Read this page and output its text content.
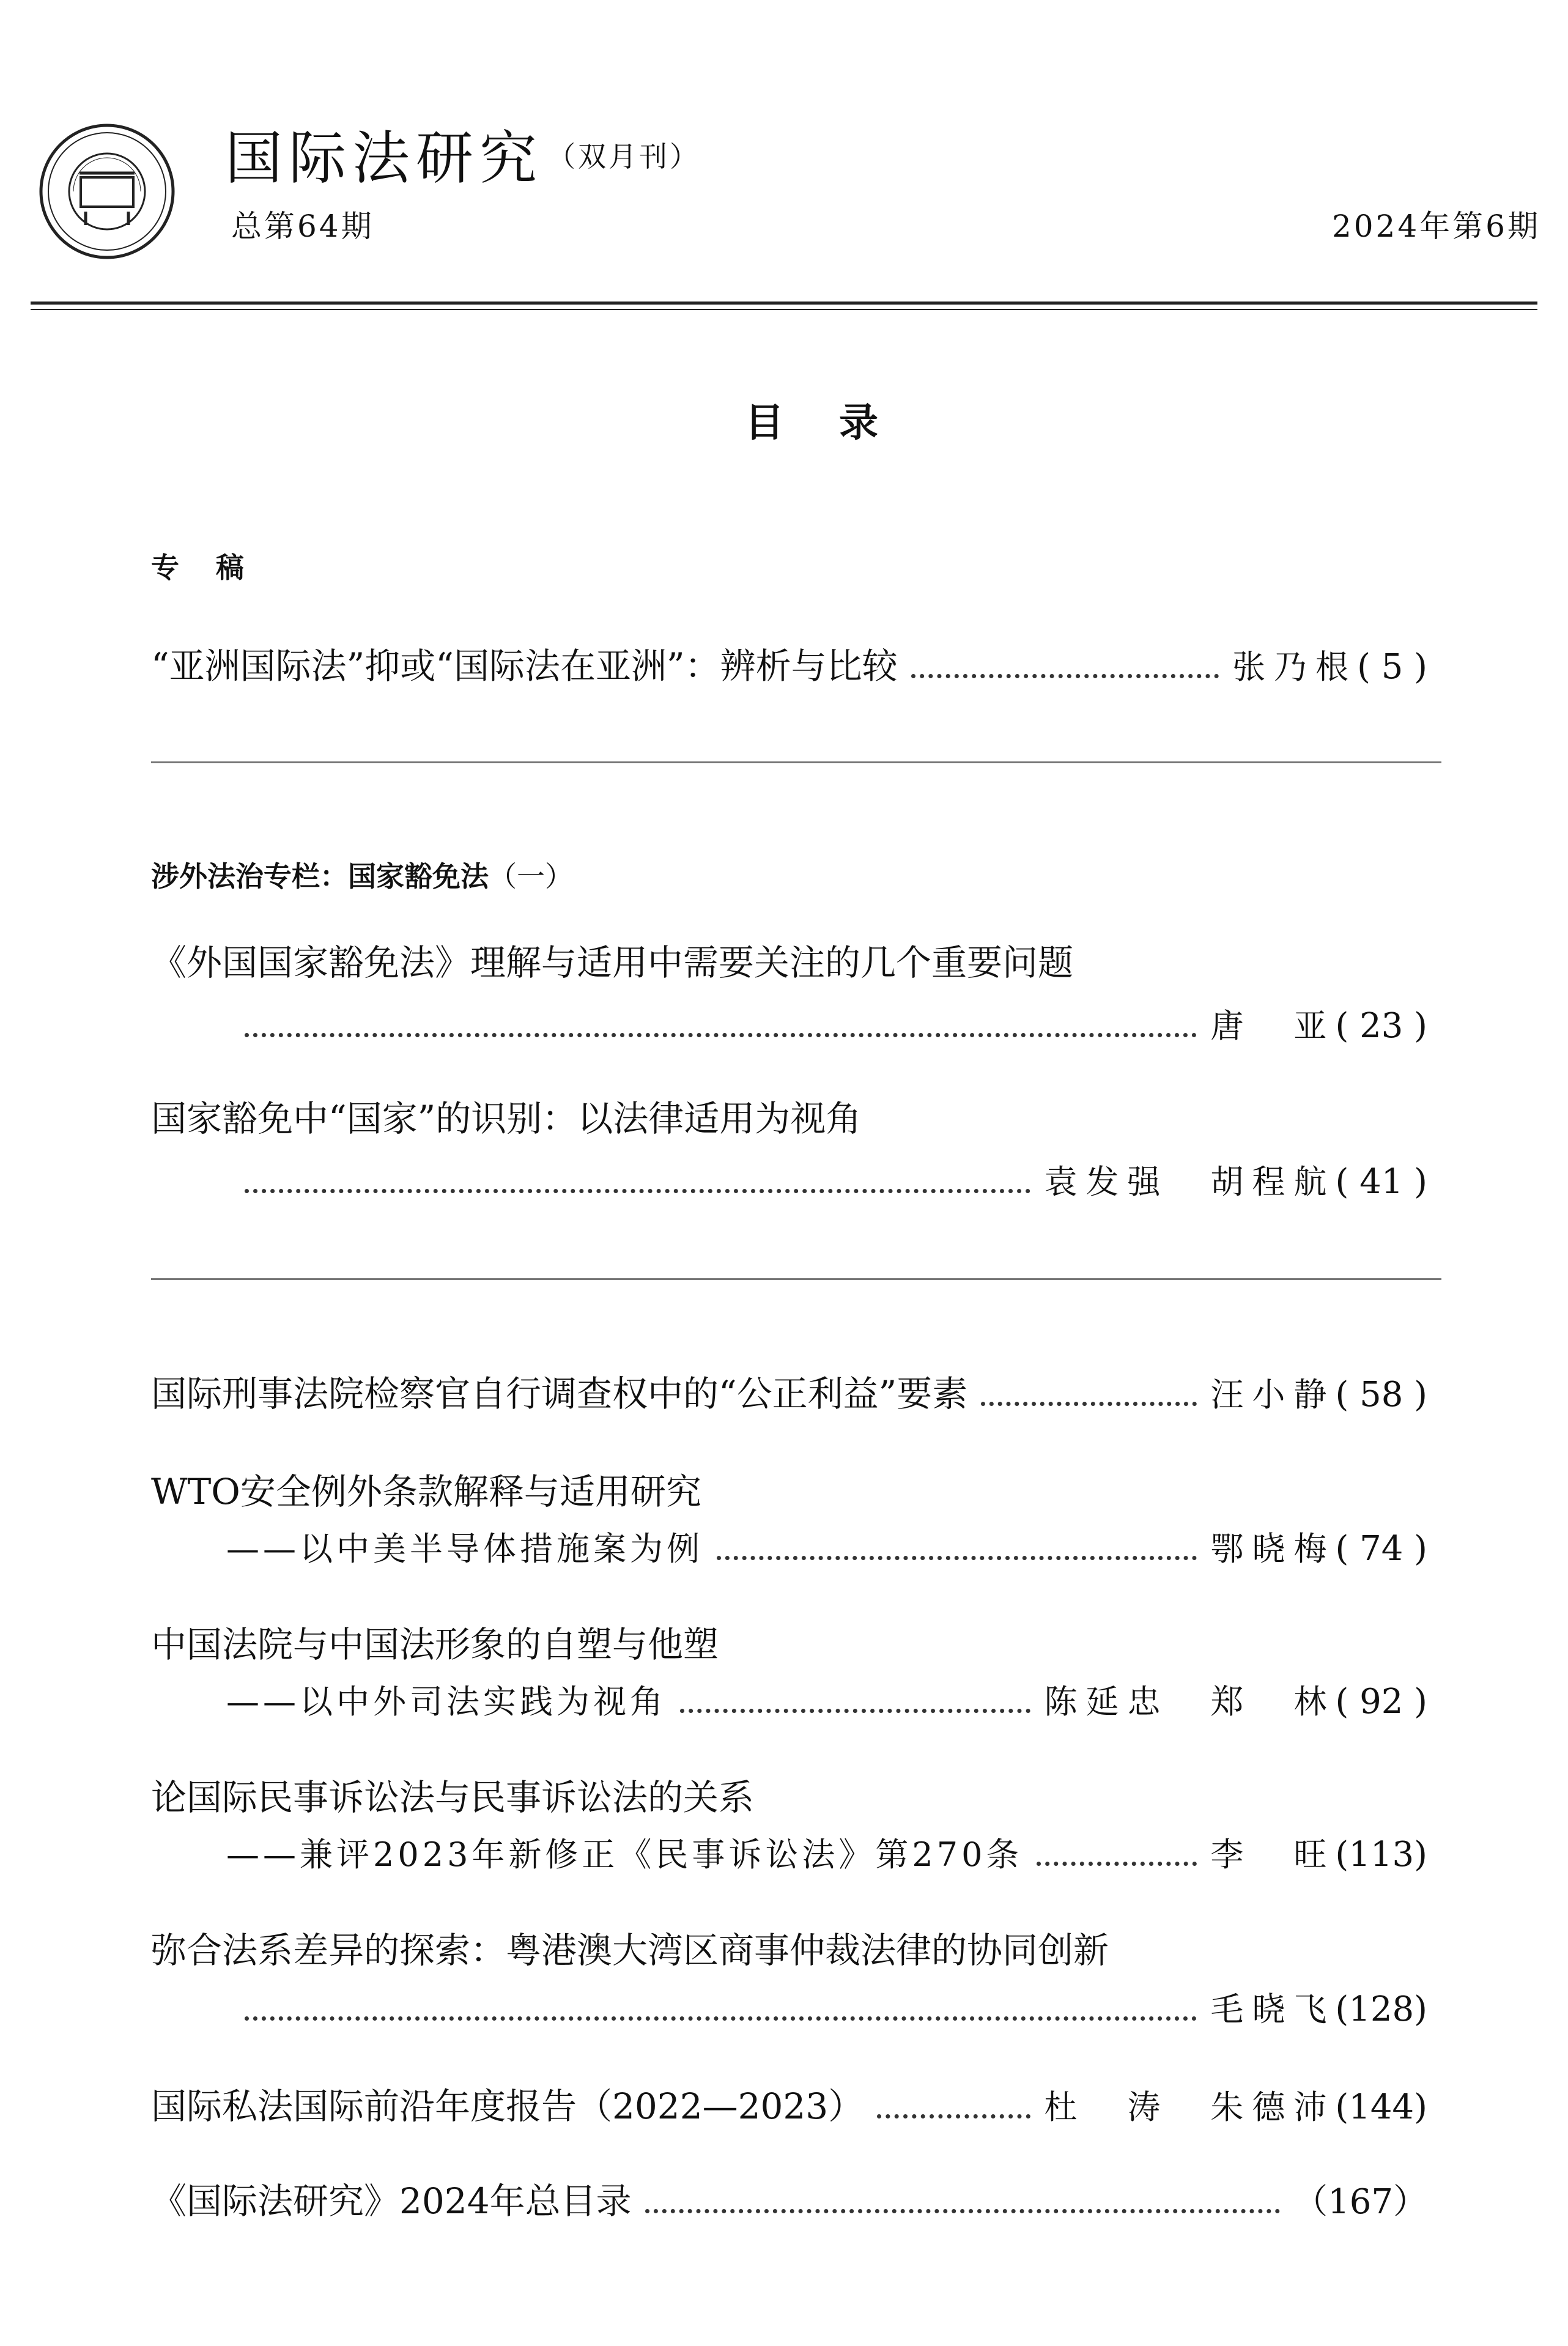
国际法研究 （双月刊）
总第64期	2024年第6期
目录
专稿
“亚洲国际法”抑或“国际法在亚洲”：辨析与比较	张乃根 ( 5 )
涉外法治专栏：国家豁免法（一）
《外国国家豁免法》理解与适用中需要关注的几个重要问题
唐　亚 ( 23 )
国家豁免中“国家”的识别：以法律适用为视角
袁发强　胡程航 ( 41 )
国际刑事法院检察官自行调查权中的“公正利益”要素	汪小静 ( 58 )
WTO安全例外条款解释与适用研究
——以中美半导体措施案为例	鄂晓梅 ( 74 )
中国法院与中国法形象的自塑与他塑
——以中外司法实践为视角	陈延忠　郑　林 ( 92 )
论国际民事诉讼法与民事诉讼法的关系
——兼评2023年新修正《民事诉讼法》第270条	李　旺 (113)
弥合法系差异的探索：粤港澳大湾区商事仲裁法律的协同创新
毛晓飞 (128)
国际私法国际前沿年度报告（2022—2023）	杜　涛　朱德沛 (144)
《国际法研究》2024年总目录	（167）
